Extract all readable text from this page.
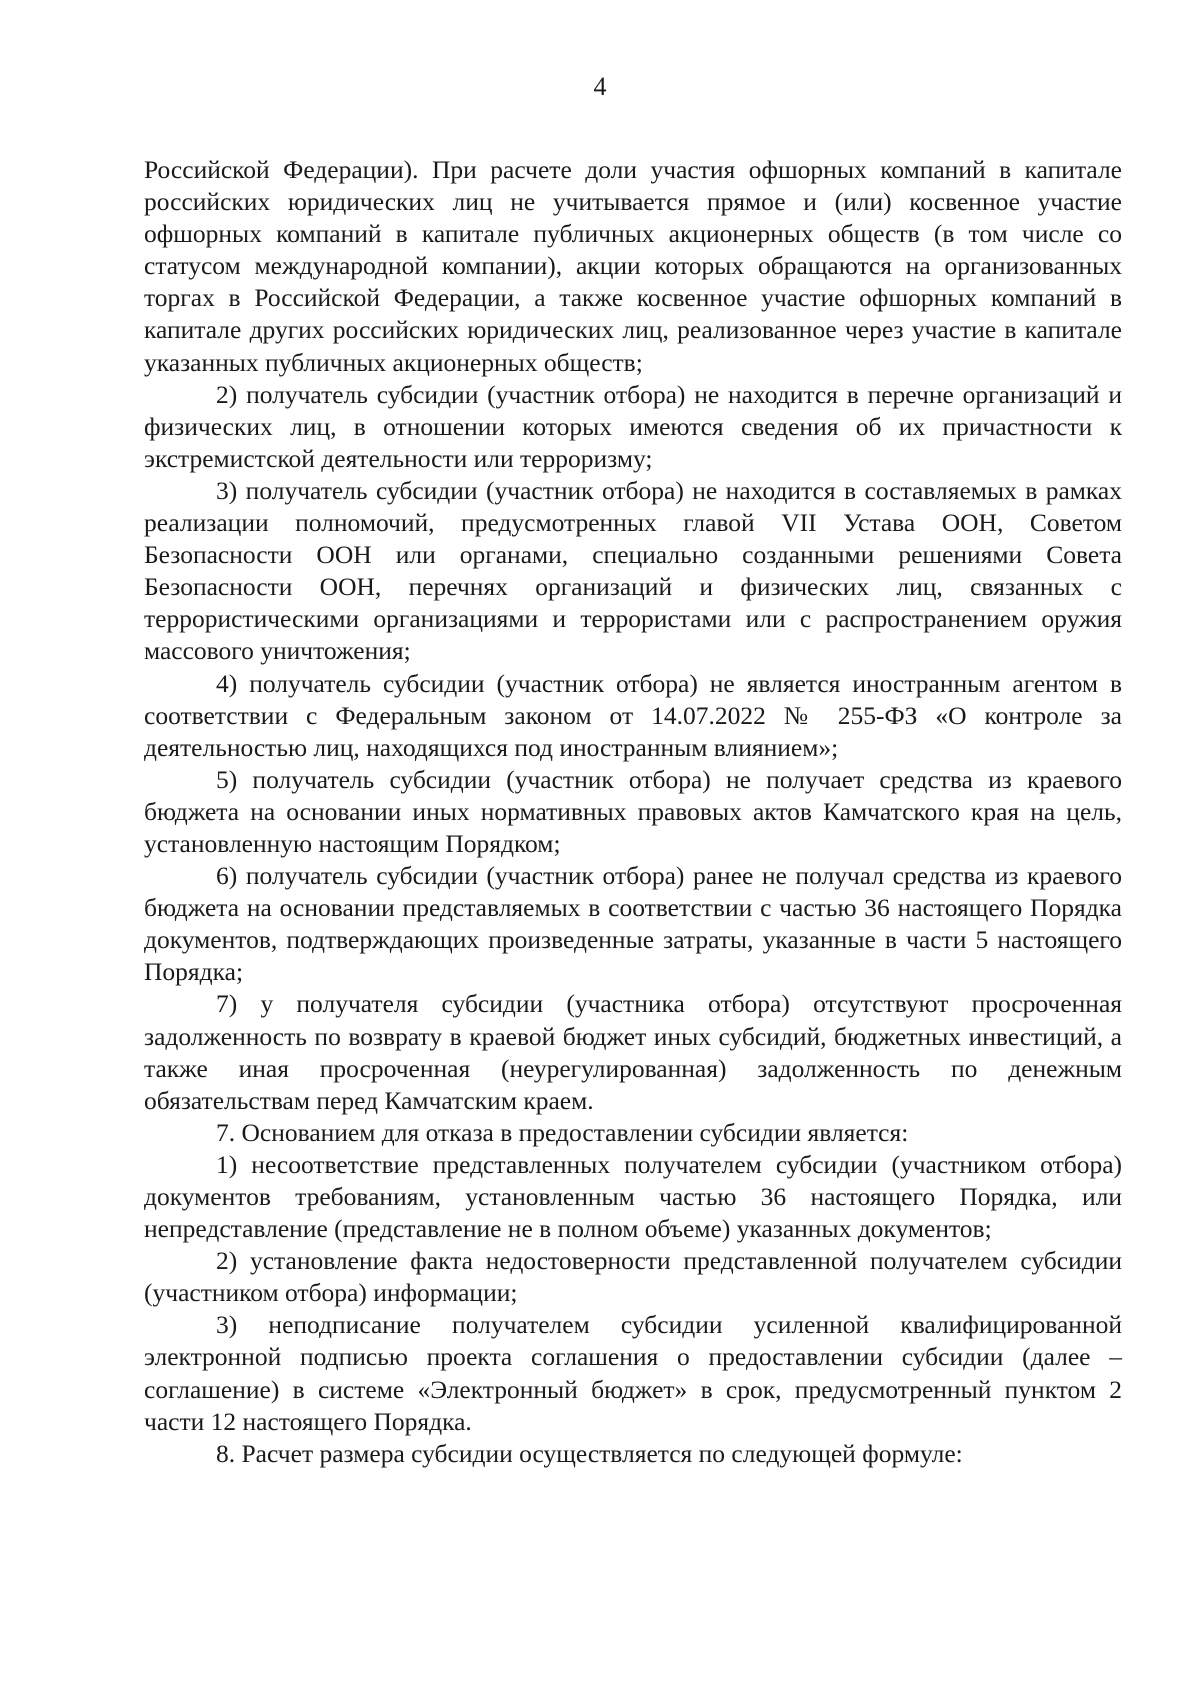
4

Российской Федерации). При расчете доли участия офшорных компаний в капитале российских юридических лиц не учитывается прямое и (или) косвенное участие офшорных компаний в капитале публичных акционерных обществ (в том числе со статусом международной компании), акции которых обращаются на организованных торгах в Российской Федерации, а также косвенное участие офшорных компаний в капитале других российских юридических лиц, реализованное через участие в капитале указанных публичных акционерных обществ;

2) получатель субсидии (участник отбора) не находится в перечне организаций и физических лиц, в отношении которых имеются сведения об их причастности к экстремистской деятельности или терроризму;

3) получатель субсидии (участник отбора) не находится в составляемых в рамках реализации полномочий, предусмотренных главой VII Устава ООН, Советом Безопасности ООН или органами, специально созданными решениями Совета Безопасности ООН, перечнях организаций и физических лиц, связанных с террористическими организациями и террористами или с распространением оружия массового уничтожения;

4) получатель субсидии (участник отбора) не является иностранным агентом в соответствии с Федеральным законом от 14.07.2022 № 255-ФЗ «О контроле за деятельностью лиц, находящихся под иностранным влиянием»;

5) получатель субсидии (участник отбора) не получает средства из краевого бюджета на основании иных нормативных правовых актов Камчатского края на цель, установленную настоящим Порядком;

6) получатель субсидии (участник отбора) ранее не получал средства из краевого бюджета на основании представляемых в соответствии с частью 36 настоящего Порядка документов, подтверждающих произведенные затраты, указанные в части 5 настоящего Порядка;

7) у получателя субсидии (участника отбора) отсутствуют просроченная задолженность по возврату в краевой бюджет иных субсидий, бюджетных инвестиций, а также иная просроченная (неурегулированная) задолженность по денежным обязательствам перед Камчатским краем.

7. Основанием для отказа в предоставлении субсидии является:

1) несоответствие представленных получателем субсидии (участником отбора) документов требованиям, установленным частью 36 настоящего Порядка, или непредставление (представление не в полном объеме) указанных документов;

2) установление факта недостоверности представленной получателем субсидии (участником отбора) информации;

3) неподписание получателем субсидии усиленной квалифицированной электронной подписью проекта соглашения о предоставлении субсидии (далее – соглашение) в системе «Электронный бюджет» в срок, предусмотренный пунктом 2 части 12 настоящего Порядка.

8. Расчет размера субсидии осуществляется по следующей формуле:
